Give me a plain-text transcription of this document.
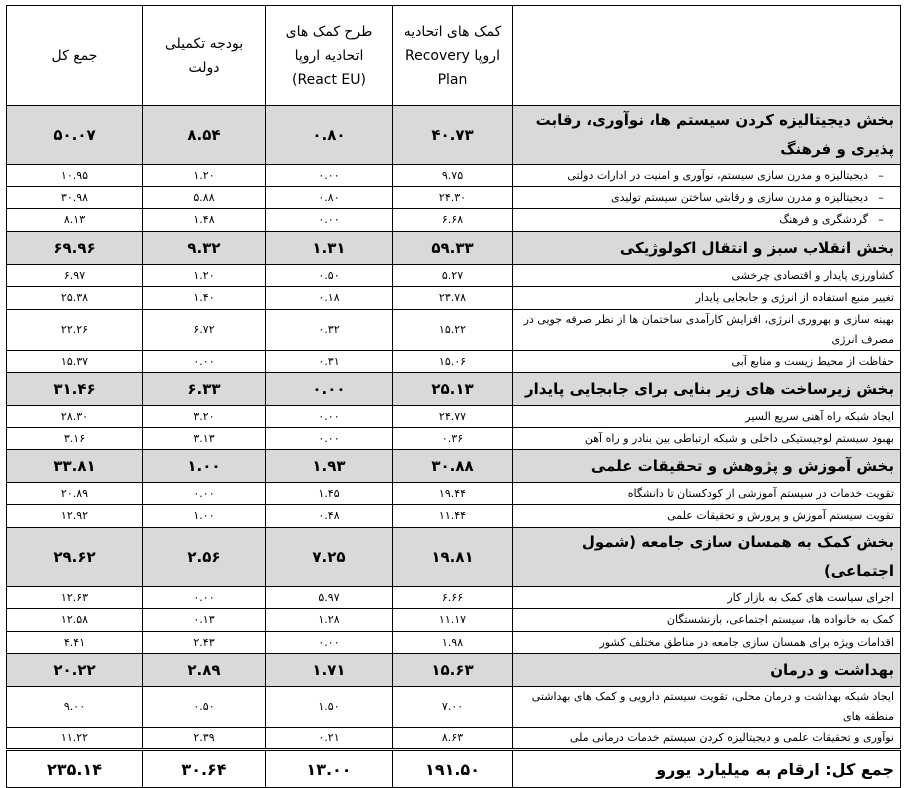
	کمک های اتحادیه اروپا Recovery Plan	طرح کمک های اتحادیه اروپا (React EU)	بودجه تکمیلی دولت	جمع کل
بخش دیجیتالیزه کردن سیستم ها، نوآوری، رقابت پذیری و فرهنگ	۴۰.۷۳	۰.۸۰	۸.۵۴	۵۰.۰۷
–دیجیتالیزه و مدرن سازی سیستم، نوآوری و امنیت در ادارات دولتی	۹.۷۵	۰.۰۰	۱.۲۰	۱۰.۹۵
–دیجیتالیزه و مدرن سازی و رقابتی ساختن سیستم تولیدی	۲۴.۳۰	۰.۸۰	۵.۸۸	۳۰.۹۸
–گردشگری و فرهنگ	۶.۶۸	۰.۰۰	۱.۴۸	۸.۱۳
بخش انقلاب سبز و انتقال اکولوژیکی	۵۹.۳۳	۱.۳۱	۹.۳۲	۶۹.۹۶
کشاورزی پایدار و اقتصادی چرخشی	۵.۲۷	۰.۵۰	۱.۲۰	۶.۹۷
تغییر منبع استفاده از انرژی و جابجایی پایدار	۲۳.۷۸	۰.۱۸	۱.۴۰	۲۵.۳۸
بهینه سازی و بهروری انرژی، افزایش کارآمدی ساختمان ها از نظر صرفه جویی در مصرف انرژی	۱۵.۲۲	۰.۳۲	۶.۷۲	۲۲.۲۶
حفاظت از محیط زیست و منابع آبی	۱۵.۰۶	۰.۳۱	۰.۰۰	۱۵.۳۷
بخش زیرساخت های زیر بنایی برای جابجایی پایدار	۲۵.۱۳	۰.۰۰	۶.۳۳	۳۱.۴۶
ایجاد شبکه راه آهنی سریع السیر	۲۴.۷۷	۰.۰۰	۳.۲۰	۲۸.۳۰
بهبود سیستم لوجیستیکی داخلی و شبکه ارتباطی بین بنادر و راه آهن	۰.۳۶	۰.۰۰	۳.۱۳	۳.۱۶
بخش آموزش و پژوهش و تحقیقات علمی	۳۰.۸۸	۱.۹۳	۱.۰۰	۳۳.۸۱
تقویت خدمات در سیستم آموزشی از کودکستان تا دانشگاه	۱۹.۴۴	۱.۴۵	۰.۰۰	۲۰.۸۹
تقویت سیستم آموزش و پرورش و تحقیقات علمی	۱۱.۴۴	۰.۴۸	۱.۰۰	۱۲.۹۲
بخش کمک به همسان سازی جامعه (شمول اجتماعی)	۱۹.۸۱	۷.۲۵	۲.۵۶	۲۹.۶۲
اجرای سیاست های کمک به بازار کار	۶.۶۶	۵.۹۷	۰.۰۰	۱۲.۶۳
کمک به خانواده ها، سیستم اجتماعی، بازنشستگان	۱۱.۱۷	۱.۲۸	۰.۱۳	۱۲.۵۸
اقدامات ویژه برای همسان سازی جامعه در مناطق مختلف کشور	۱.۹۸	۰.۰۰	۲.۴۳	۴.۴۱
بهداشت و درمان	۱۵.۶۳	۱.۷۱	۲.۸۹	۲۰.۲۲
ایجاد شبکه بهداشت و درمان محلی، تقویت سیستم دارویی و کمک های بهداشتی منطقه های	۷.۰۰	۱.۵۰	۰.۵۰	۹.۰۰
نوآوری و تحقیقات علمی و دیجیتالیزه کردن سیستم خدمات درمانی ملی	۸.۶۳	۰.۲۱	۲.۳۹	۱۱.۲۲
جمع کل: ارقام به میلیارد یورو	۱۹۱.۵۰	۱۳.۰۰	۳۰.۶۴	۲۳۵.۱۴
